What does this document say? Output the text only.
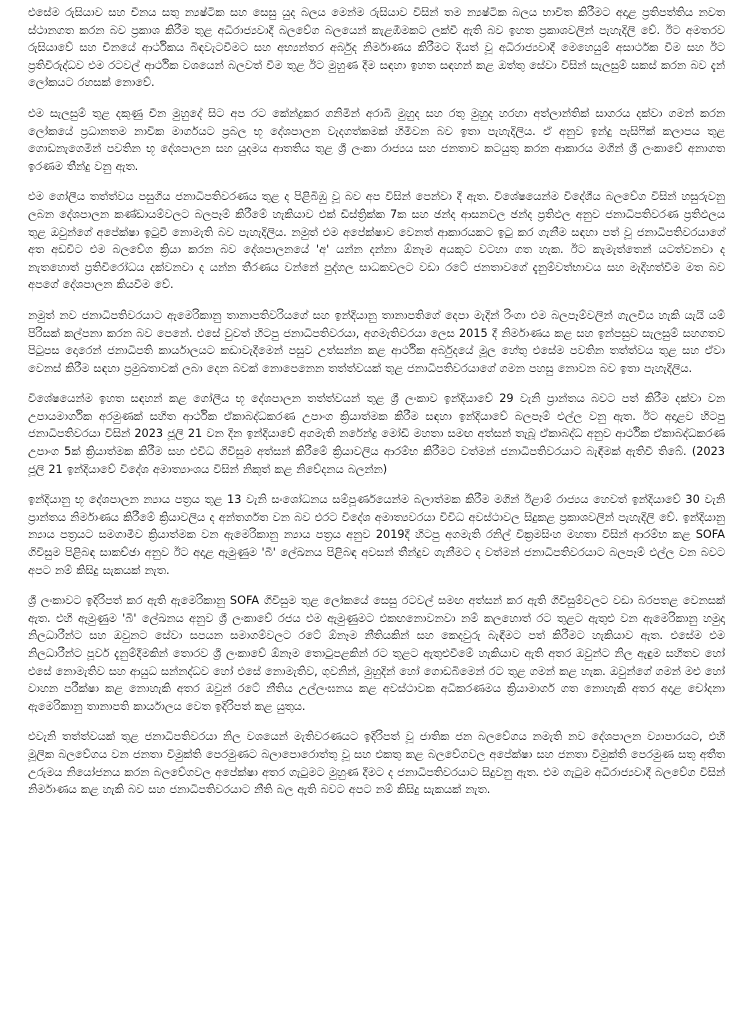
එසේම රුසියාව සහ චීනය සතු න්‍යෂ්ටික සහ සෙසු යුද බලය මෙන්ම රුසියාව විසින් තම න්‍යෂ්ටික බලය භාවිත කිරීමට අදාළ ප්‍රතිපත්තිය නවත ස්ථානගත කරන බව ප්‍රකාශ කිරීම තුළ අධිරාජ්‍යවාදී බලවේග බලයෙන් කැළඹීමකට ලක්වී ඇති බව ඉහත ප්‍රකාශවලින් පැහැදිලි වේ. ඊට අමතරව රුසියාවේ සහ චීනයේ ආර්ථිකය බිඳවැටවීමට සහ අභ්‍යන්තර අර්බුද නිර්මාණය කිරීමට දියත් වූ අධිරාජ්‍යවාදී මෙහෙයුම් අසාර්ථක වීම සහ ඊට ප්‍රතිවිරුද්ධව එම රටවල් ආර්ථික වශයෙන් බලවත් වීම තුළ ඊට මුහුණ දීම සඳහා ඉහත සඳහන් කළ ඔත්තු සේවා විසින් සැලසුම් සකස් කරන බව දැන් ලෝකයට රහසක් නොවේ.

එම සැලසුම් තුළ දකුණු චීන මුහුදේ සිට අප රට කේන්ද්‍රකර ගනිමින් අරාබි මුහුද සහ රතු මුහුද හරහා අත්ලාන්තික් සාගරය දක්වා ගමන් කරන ලෝකයේ ප්‍රධානතම නාවික මාර්ගයට ප්‍රබල භූ දේශපාලන වැදගත්කමක් හිමිවන බව ඉතා පැහැදිලිය. ඒ අනුව ඉන්දු පැසිෆික් කලාපය තුළ ගොඩනැගෙමින් පවතින භූ දේශපාලන සහ යුදමය ආතතිය තුළ ශ්‍රී ලංකා රාජ්‍යය සහ ජනතාව කටයුතු කරන ආකාරය මගින් ශ්‍රී ලංකාවේ අනාගත ඉරණම තීන්දු වනු ඇත.

එම ගෝලීය තත්ත්වය පසුගිය ජනාධිපතිවරණය තුළ ද පිළිබිඹු වූ බව අප විසින් පෙන්වා දී ඇත. විශේෂයෙන්ම විදේශීය බලවේග විසින් හසුරුවනු ලබන දේශපාලන කණ්ඩායම්වලට බලපෑම් කිරීමේ හැකියාව එක් ඩිස්ත්‍රික්ක 7ක සහ ඡන්ද ආසනවල ඡන්ද ප්‍රතිඵල අනුව ජනාධිපතිවරණ ප්‍රතිඵලය තුළ ඔවුන්ගේ අපේක්ෂා ඉටුවී නොමැති බව පැහැදිලිය. නමුත් එම අපේක්ෂාව වෙනත් ආකාරයකට ඉටු කර ගැනීම සඳහා පත් වූ ජනාධිපතිවරයාගේ අත අඩවිට එම බලවේග ක්‍රියා කරන බව දේශපාලනයේ 'අ' යන්න දන්නා ඕනෑම අයකුට වටහා ගත හැක. ඊට කැමැත්තෙන් යටත්වනවා ද නැතහොත් ප්‍රතිවිරෝධය දක්වනවා ද යන්න තීරණය වන්නේ පුද්ගල සාධකවලට වඩා රටේ ජනතාවගේ දැනුම්වත්භාවය සහ මැදිහත්වීම මත බව අපගේ දේශපාලන කියවීම වේ.

නමුත් නව ජනාධිපතිවරයාට ඇමෙරිකානු තානාපතිවරියගේ සහ ඉන්දියානු තානාපතිගේ දෙපා මැදින් රිංගා එම බලපෑම්වලින් ගැලවිය හැකි යැයි යම් පිරිසක් කල්පනා කරන බව පෙනේ. එසේ වුවත් හිටපු ජනාධිපතිවරයා, අගමැතිවරයා ලෙස 2015 දී නිර්මාණය කළ සහ ඉන්පසුව සැලසුම් සහගතව පිටුපස දොරෙන් ජනාධිපති කාර්යාලයට කඩාවැදීමෙන් පසුව උත්සන්න කළ ආර්ථික අර්බුදයේ මූල හේතු එසේම පවතින තත්ත්වය තුළ සහ ඒවා වෙනස් කිරීම සඳහා ප්‍රමුඛතාවක් ලබා දෙන බවක් නොපෙනෙන තත්ත්වයක් තුළ ජනාධිපතිවරයාගේ ගමන පහසු නොවන බව ඉතා පැහැදිලිය.

විශේෂයෙන්ම ඉහත සඳහන් කළ ගෝලීය භූ දේශපාලන තත්ත්වයන් තුළ ශ්‍රී ලංකාව ඉන්දියාවේ 29 වැනි ප්‍රාන්තය බවට පත් කිරීම දක්වා වන උපායමාර්ගික අරමුණක් සහිත ආර්ථික ඒකාබද්ධකරණ උපාංග ක්‍රියාත්මක කිරීම සඳහා ඉන්දියාවේ බලපෑම් එල්ල වනු ඇත. ඊට අදාළව හිටපු ජනාධිපතිවරයා විසින් 2023 ජූලි 21 වන දින ඉන්දියාවේ අගමැති නරේන්ද්‍ර මෝඩි මහතා සමඟ අත්සන් තැබූ ඒකාබද්ධ අනුව ආර්ථික ඒකාබද්ධකරණ උපාංග 5ක් ක්‍රියාත්මක කිරීම සහ එවිධ ගිවිසුම අත්සන් කිරීමේ ක්‍රියාවලිය ආරම්භ කිරීමට වත්මන් ජනාධිපතිවරයාට බැඳීමක් ඇතිවී තිබේ. (2023 ජූලි 21 ඉන්දියාවේ විදේශ අමාත්‍යාංශය විසින් නිකුත් කළ නිවේදනය බලන්න)

ඉන්දියානු භූ දේශපාලන න්‍යාය පත්‍රය තුළ 13 වැනි සංශෝධනය සම්පූර්ණයෙන්ම බලාත්මක කිරීම මගින් ඊළාම් රාජ්‍යය හෙවත් ඉන්දියාවේ 30 වැනි ප්‍රාන්තය නිර්මාණය කිරීමේ ක්‍රියාවලිය ද අන්තර්ගත වන බව එරට විදේශ අමාත්‍යවරයා විවිධ අවස්ථාවල සිදුකළ ප්‍රකාශවලින් පැහැදිලි වේ. ඉන්දියානු න්‍යාය පත්‍රයට සමගාමීව ක්‍රියාත්මක වන ඇමෙරිකානු න්‍යාය පත්‍රය අනුව 2019දී හිටපු අගමැති රනිල් වික්‍රමසිංහ මහතා විසින් ආරම්භ කළ SOFA ගිවිසුම පිළිබඳ සාකච්ඡා අනුව ඊට අදාළ ඇමුණුම 'බී' ලේඛනය පිළිබඳ අවසන් තීන්දුව ගැනීමට ද වත්මන් ජනාධිපතිවරයාට බලපෑම් එල්ල වන බවට අපට නම් කිසිදු සැකයක් නැත.

ශ්‍රී ලංකාවට ඉදිරිපත් කර ඇති ඇමෙරිකානු SOFA ගිවිසුම තුළ ලෝකයේ සෙසු රටවල් සමඟ අත්සන් කර ඇති ගිවිසුම්වලට වඩා බරපතළ වෙනසක් ඇත. එහි ඇමුණුම 'බී' ලේඛනය අනුව ශ්‍රී ලංකාවේ රජය එම ඇමුණුමට එකඟනොවනවා නම් කලහොත් රට තුළට ඇතුළු වන ඇමෙරිකානු හමුදා නිලධාරීන්ට සහ ඔවුනට සේවා සපයන සමාගම්වලට රටේ ඕනෑම නීතියකින් සහ කෙදවුරු බැඳීමට පත් කිරීමට හැකියාව ඇත. එසේම එම නිලධාරීන්ට පූර්ව දැනුම්දීමකින් තොරව ශ්‍රී ලංකාවේ ඕනෑම තොටුපළකින් රට තුළට ඇතුළුවීමේ හැකියාව ඇති අතර ඔවුන්ට නිල ඇඳුම සහිතව හෝ එසේ නොමැතිව සහ ආයුධ සන්නද්ධව හෝ එසේ නොමැතිව, ගුවනින්, මුහුදින් හෝ ගොඩබිමෙන් රට තුළ ගමන් කළ හැක. ඔවුන්ගේ ගමන් මළු හෝ වාහන පරීක්ෂා කළ නොහැකි අතර ඔවුන් රටේ නීතිය උල්ලංඝනය කළ අවස්ථාවක අධිකරණමය ක්‍රියාමාර්ග ගත නොහැකි අතර අදාළ චෝදනා ඇමෙරිකානු තානාපති කාර්යාලය වෙත ඉදිරිපත් කළ යුතුය.

එවැනි තත්ත්වයක් තුළ ජනාධිපතිවරයා නිල වශයෙන් මැතිවරණයට ඉදිරිපත් වූ ජාතික ජන බලවේගය නමැති නව දේශපාලන ව්‍යාපාරයට, එහි මූලික බලවේගය වන ජනතා විමුක්ති පෙරමුණට බලාපොරොත්තු වූ සහ එකතු කළ බලවේගවල අපේක්ෂා සහ ජනතා විමුක්ති පෙරමුණ සතු අතීත උරුමය නියෝජනය කරන බලවේගවල අපේක්ෂා අතර ගැටුමට මුහුණ දීමට ද ජනාධිපතිවරයාට සිදුවනු ඇත. එම ගැටුම අධිරාජ්‍යවාදී බලවේග විසින් නිර්මාණය කළ හැකි බව සහ ජනාධිපතිවරයාට නීති බල ඇති බවට අපට නම් කිසිදු සැකයක් නැත.
